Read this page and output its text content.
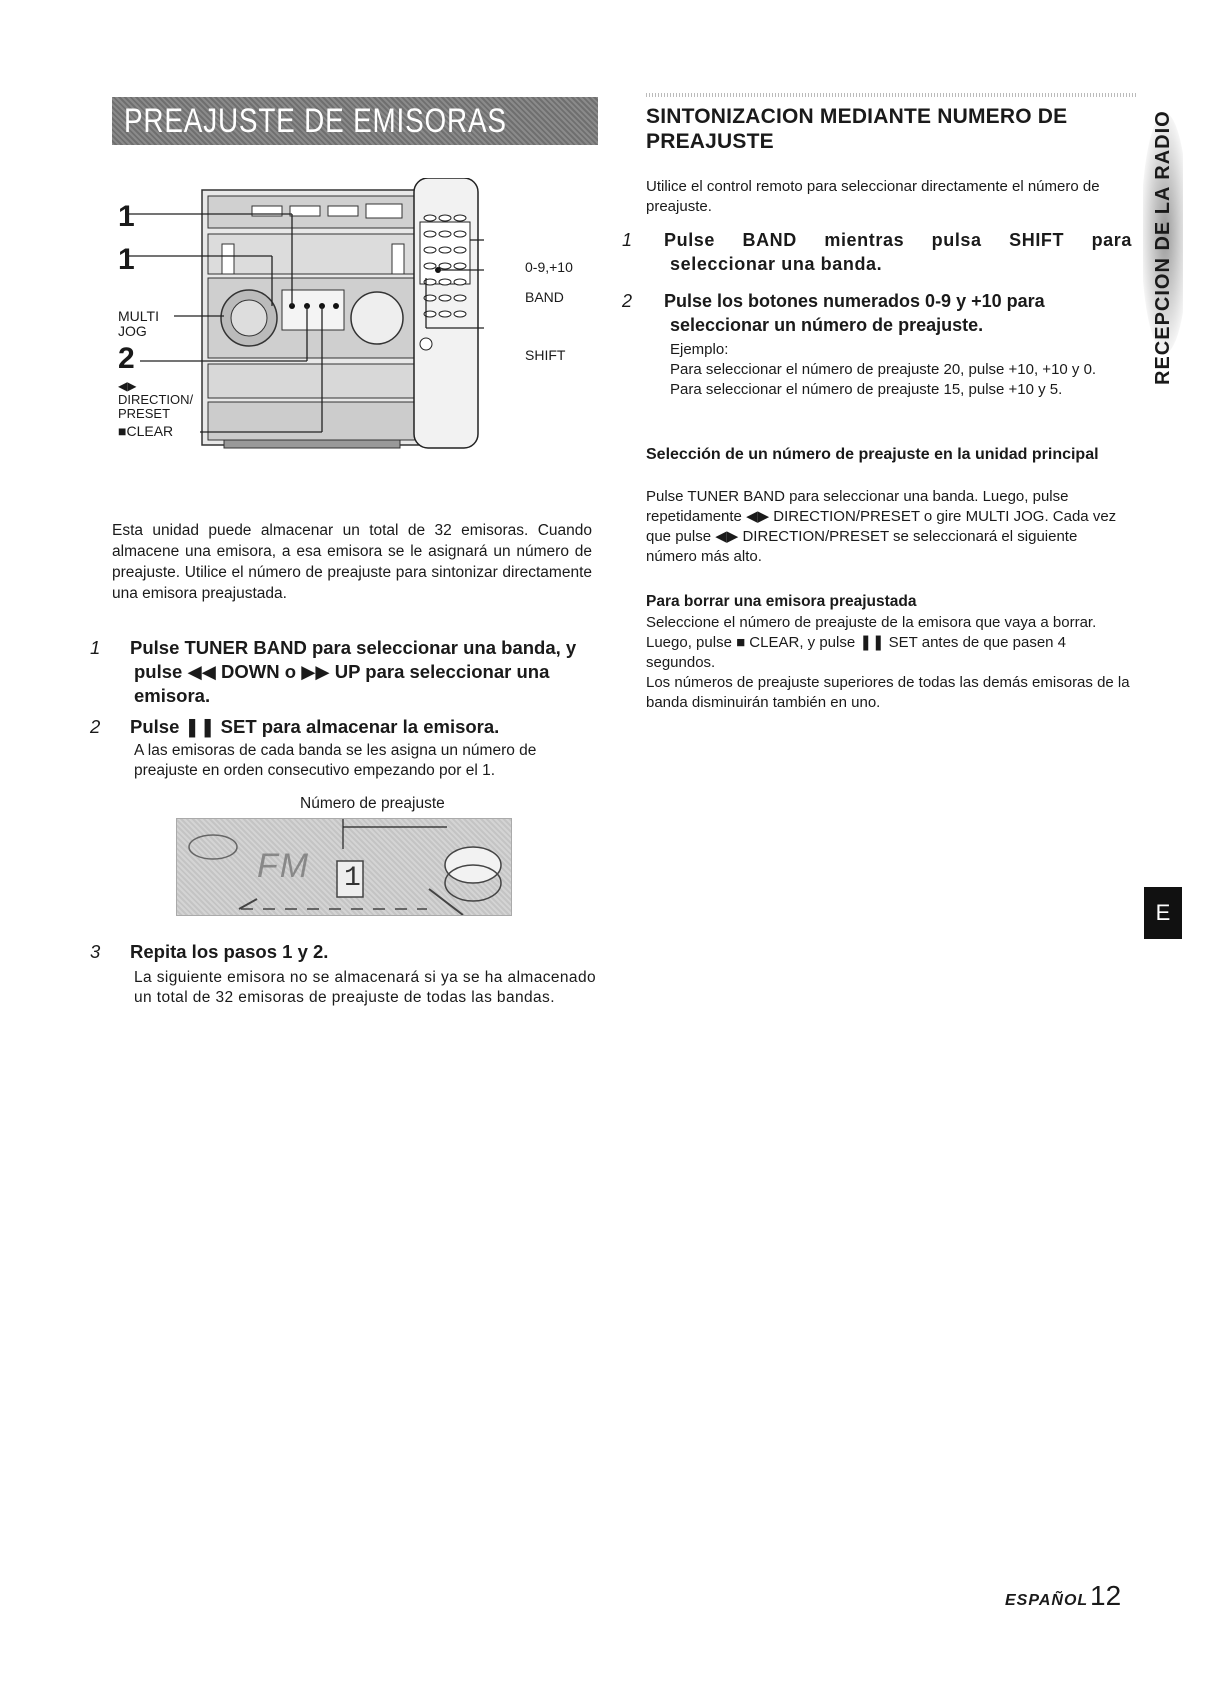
PREAJUSTE DE EMISORAS
1
1
MULTI
JOG
2
◀▶
DIRECTION/
PRESET
■CLEAR
0-9,+10
BAND
SHIFT
Esta unidad puede almacenar un total de 32 emisoras. Cuando almacene una emisora, a esa emisora se le asignará un número de preajuste. Utilice el número de preajuste para sintonizar directamente una emisora preajustada.
1 Pulse TUNER BAND para seleccionar una banda, y pulse ◀◀ DOWN o ▶▶ UP para seleccionar una emisora.
2 Pulse ❚❚ SET para almacenar la emisora.
A las emisoras de cada banda se les asigna un número de preajuste en orden consecutivo empezando por el 1.
Número de preajuste
FM 1
3 Repita los pasos 1 y 2.
La siguiente emisora no se almacenará si ya se ha almacenado un total de 32 emisoras de preajuste de todas las bandas.
SINTONIZACION MEDIANTE NUMERO DE
PREAJUSTE
Utilice el control remoto para seleccionar directamente el número de preajuste.
1 Pulse BAND mientras pulsa SHIFT para seleccionar una banda.
2 Pulse los botones numerados 0-9 y +10 para seleccionar un número de preajuste.
Ejemplo:
Para seleccionar el número de preajuste 20, pulse +10, +10 y 0.
Para seleccionar el número de preajuste 15, pulse +10 y 5.
Selección de un número de preajuste en la unidad principal
Pulse TUNER BAND para seleccionar una banda. Luego, pulse repetidamente ◀▶ DIRECTION/PRESET o gire MULTI JOG. Cada vez que pulse ◀▶ DIRECTION/PRESET se seleccionará el siguiente número más alto.
Para borrar una emisora preajustada
Seleccione el número de preajuste de la emisora que vaya a borrar. Luego, pulse ■ CLEAR, y pulse ❚❚ SET antes de que pasen 4 segundos.
Los números de preajuste superiores de todas las demás emisoras de la banda disminuirán también en uno.
RECEPCION DE LA RADIO
E
ESPAÑOL 12
